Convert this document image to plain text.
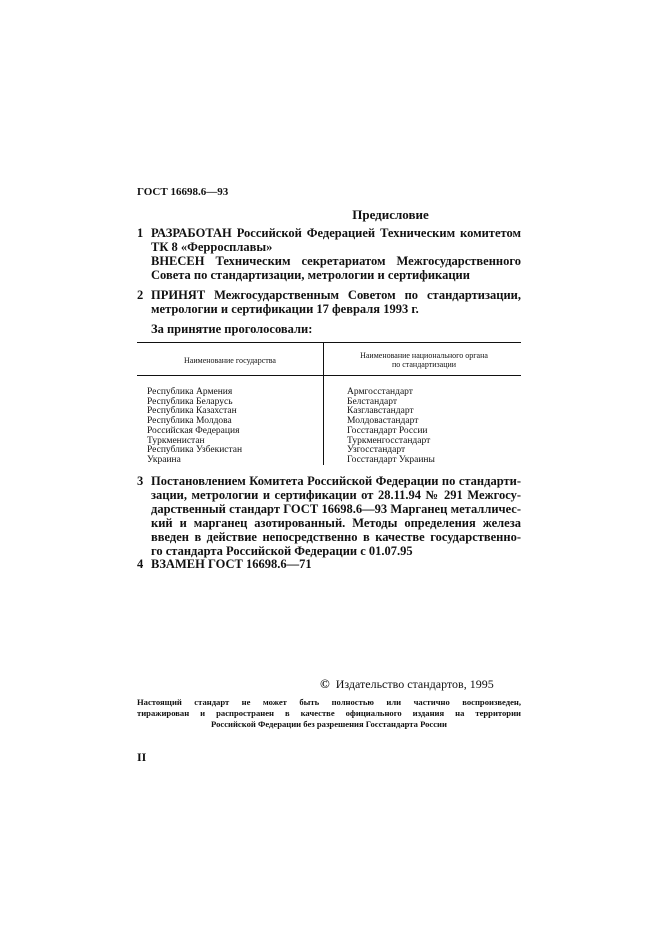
ГОСТ 16698.6—93
Предисловие
1 РАЗРАБОТАН Российской Федерацией Техническим комитетом
ТК 8 «Ферросплавы»
ВНЕСЕН Техническим секретариатом Межгосударственного
Совета по стандартизации, метрологии и сертификации
2 ПРИНЯТ Межгосударственным Советом по стандартизации,
метрологии и сертификации 17 февраля 1993 г.
За принятие проголосовали:
Наименование государства
Наименование национального органа
по стандартизации
Республика Армения
Республика Беларусь
Республика Казахстан
Республика Молдова
Российская Федерация
Туркменистан
Республика Узбекистан
Украина
Армгосстандарт
Белстандарт
Казглавстандарт
Молдовастандарт
Госстандарт России
Туркменгосстандарт
Узгосстандарт
Госстандарт Украины
3 Постановлением Комитета Российской Федерации по стандарти-
зации, метрологии и сертификации от 28.11.94 № 291 Межгосу-
дарственный стандарт ГОСТ 16698.6—93 Марганец металличес-
кий и марганец азотированный. Методы определения железа
введен в действие непосредственно в качестве государственно-
го стандарта Российской Федерации с 01.07.95
4 ВЗАМЕН ГОСТ 16698.6—71
© Издательство стандартов, 1995
Настоящий стандарт не может быть полностью или частично воспроизведен,
тиражирован и распространен в качестве официального издания на территории
Российской Федерации без разрешения Госстандарта России
II
